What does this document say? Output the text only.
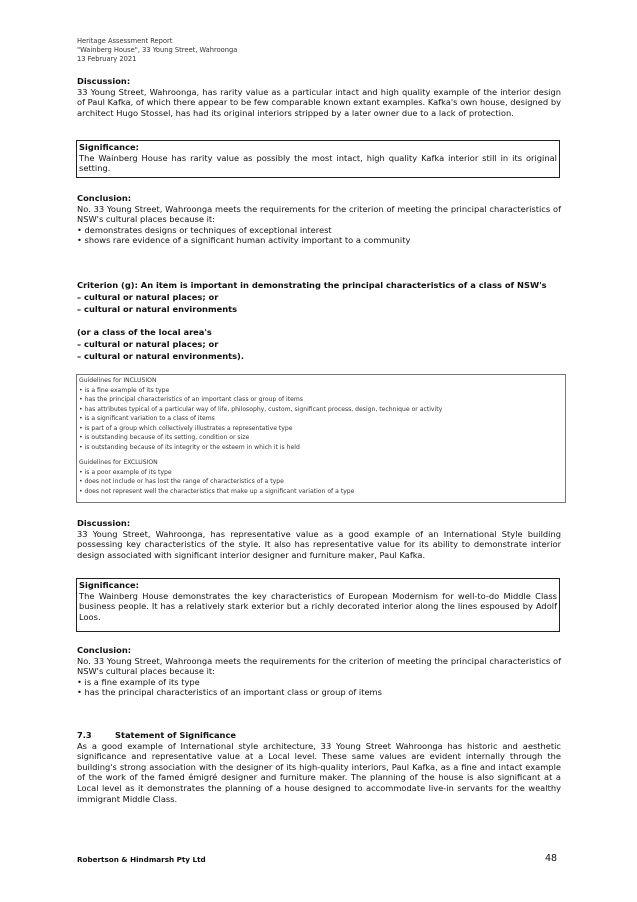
Heritage Assessment Report
"Wainberg House", 33 Young Street, Wahroonga
13 February 2021
Discussion:

33 Young Street, Wahroonga, has rarity value as a particular intact and high quality example of the interior design of Paul Kafka, of which there appear to be few comparable known extant examples. Kafka's own house, designed by architect Hugo Stossel, has had its original interiors stripped by a later owner due to a lack of protection.

Significance:

The Wainberg House has rarity value as possibly the most intact, high quality Kafka interior still in its original setting.

Conclusion:

No. 33 Young Street, Wahroonga meets the requirements for the criterion of meeting the principal characteristics of NSW's cultural places because it:

• demonstrates designs or techniques of exceptional interest
• shows rare evidence of a significant human activity important to a community
Criterion (g): An item is important in demonstrating the principal characteristics of a class of NSW's
– cultural or natural places; or
– cultural or natural environments
(or a class of the local area's
– cultural or natural places; or
– cultural or natural environments).
Guidelines for INCLUSION
• is a fine example of its type
• has the principal characteristics of an important class or group of items
• has attributes typical of a particular way of life, philosophy, custom, significant process, design, technique or activity
• is a significant variation to a class of items
• is part of a group which collectively illustrates a representative type
• is outstanding because of its setting, condition or size
• is outstanding because of its integrity or the esteem in which it is held
Guidelines for EXCLUSION
• is a poor example of its type
• does not include or has lost the range of characteristics of a type
• does not represent well the characteristics that make up a significant variation of a type
Discussion:

33 Young Street, Wahroonga, has representative value as a good example of an International Style building possessing key characteristics of the style. It also has representative value for its ability to demonstrate interior design associated with significant interior designer and furniture maker, Paul Kafka.

Significance:

The Wainberg House demonstrates the key characteristics of European Modernism for well-to-do Middle Class business people. It has a relatively stark exterior but a richly decorated interior along the lines espoused by Adolf Loos.

Conclusion:

No. 33 Young Street, Wahroonga meets the requirements for the criterion of meeting the principal characteristics of NSW's cultural places because it:

• is a fine example of its type
• has the principal characteristics of an important class or group of items
7.3	Statement of Significance

As a good example of International style architecture, 33 Young Street Wahroonga has historic and aesthetic significance and representative value at a Local level. These same values are evident internally through the building's strong association with the designer of its high-quality interiors, Paul Kafka, as a fine and intact example of the work of the famed émigré designer and furniture maker. The planning of the house is also significant at a Local level as it demonstrates the planning of a house designed to accommodate live-in servants for the wealthy immigrant Middle Class.

Robertson & Hindmarsh Pty Ltd	48
